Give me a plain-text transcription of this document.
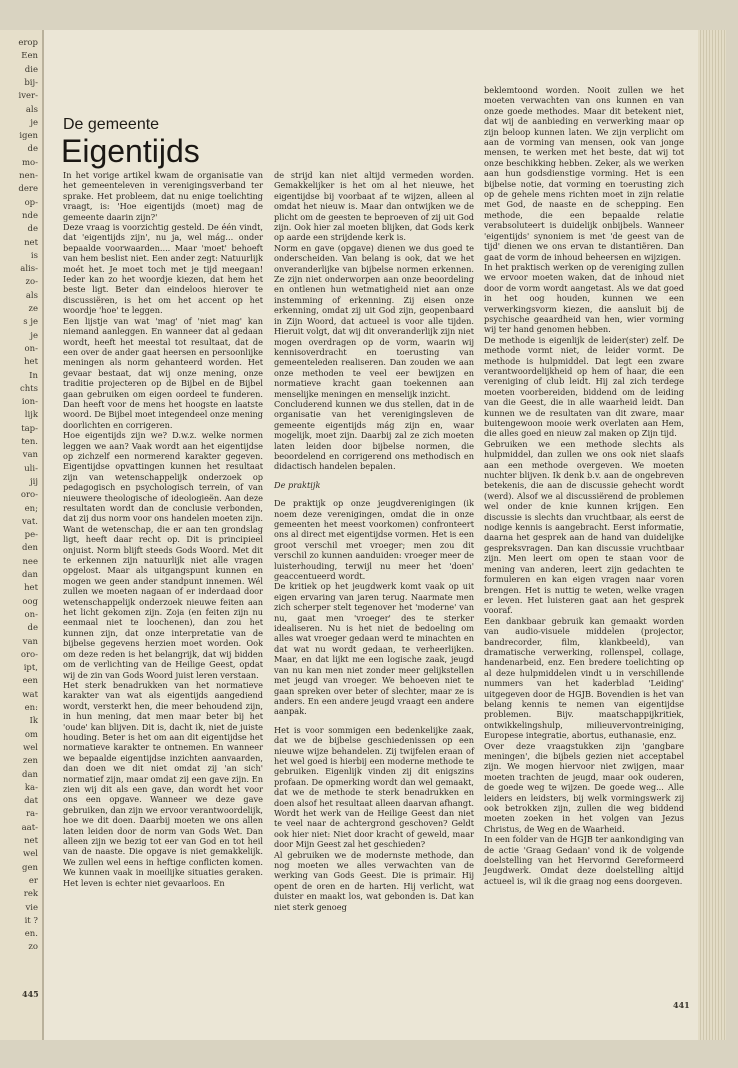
erop
Een
die
bij-
iver-
als
je
igen
de
mo-
nen-
dere
op-
nde
de
net
is
alis-
zo-
als
ze
s je
je
on-
het
In
chts
ion-
lijk
tap-
ten.
van
uli-
jij
oro-
en;
vat.
pe-
den
nee
dan
het
oog
on-
de
van
oro-
ipt,
een
wat
en:
Ik
om
wel
zen
dan
ka-
dat
ra-
aat-
net
wel
gen
er
rek
vie
it ?
en.
zo
445
De gemeente
Eigentijds

In het vorige artikel kwam de organisatie van het gemeenteleven in verenigingsverband ter sprake. Het probleem, dat nu enige toelichting vraagt, is: 'Hoe eigentijds (moet) mag de gemeente daarin zijn?'

Deze vraag is voorzichtig gesteld. De één vindt, dat 'eigentijds zijn', nu ja, wel mág... onder bepaalde voorwaarden.... Maar 'moet' behoeft van hem beslist niet. Een ander zegt: Natuurlijk moét het. Je moet toch met je tijd meegaan! Ieder kan zo het woordje kiezen, dat hem het beste ligt. Beter dan eindeloos hierover te discussiëren, is het om het accent op het woordje 'hoe' te leggen.

Een lijstje van wat 'mag' of 'niet mag' kan niemand aanleggen. En wanneer dat al gedaan wordt, heeft het meestal tot resultaat, dat de een over de ander gaat heersen en persoonlijke meningen als norm gehanteerd worden. Het gevaar bestaat, dat wij onze mening, onze traditie projecteren op de Bijbel en de Bijbel gaan gebruiken om eigen oordeel te funderen. Dan heeft voor de mens het hoogste en laatste woord. De Bijbel moet integendeel onze mening doorlichten en corrigeren.

Hoe eigentijds zijn we? D.w.z. welke normen leggen we aan? Vaak wordt aan het eigentijdse op zichzelf een normerend karakter gegeven. Eigentijdse opvattingen kunnen het resultaat zijn van wetenschappelijk onderzoek op pedagogisch en psychologisch terrein, of van nieuwere theologische of ideologieën. Aan deze resultaten wordt dan de conclusie verbonden, dat zij dus norm voor ons handelen moeten zijn. Want de wetenschap, die er aan ten grondslag ligt, heeft daar recht op. Dit is principieel onjuist. Norm blijft steeds Gods Woord. Met dit te erkennen zijn natuurlijk niet alle vragen opgelost. Maar als uitgangspunt kunnen en mogen we geen ander standpunt innemen. Wél zullen we moeten nagaan of er inderdaad door wetenschappelijk onderzoek nieuwe feiten aan het licht gekomen zijn. Zoja (en feiten zijn nu eenmaal niet te loochenen), dan zou het kunnen zijn, dat onze interpretatie van de bijbelse gegevens herzien moet worden. Ook om deze reden is het belangrijk, dat wij bidden om de verlichting van de Heilige Geest, opdat wij de zin van Gods Woord juist leren verstaan.

Het sterk benadrukken van het normatieve karakter van wat als eigentijds aangediend wordt, versterkt hen, die meer behoudend zijn, in hun mening, dat men maar beter bij het 'oude' kan blijven. Dit is, dacht ik, niet de juiste houding. Beter is het om aan dit eigentijdse het normatieve karakter te ontnemen. En wanneer we bepaalde eigentijdse inzichten aanvaarden, dan doen we dit niet omdat zij 'an sich' normatief zijn, maar omdat zij een gave zijn. En zien wij dit als een gave, dan wordt het voor ons een opgave. Wanneer we deze gave gebruiken, dan zijn we ervoor verantwoordelijk, hoe we dit doen. Daarbij moeten we ons allen laten leiden door de norm van Gods Wet. Dan alleen zijn we bezig tot eer van God en tot heil van de naaste. Die opgave is niet gemakkelijk. We zullen wel eens in heftige conflicten komen. We kunnen vaak in moeilijke situaties geraken. Het leven is echter niet gevaarloos. En

de strijd kan niet altijd vermeden worden. Gemakkelijker is het om al het nieuwe, het eigentijdse bij voorbaat af te wijzen, alleen al omdat het nieuw is. Maar dan ontwijken we de plicht om de geesten te beproeven of zij uit God zijn. Ook hier zal moeten blijken, dat Gods kerk op aarde een strijdende kerk is.

Norm en gave (opgave) dienen we dus goed te onderscheiden. Van belang is ook, dat we het onveranderlijke van bijbelse normen erkennen. Ze zijn niet onderworpen aan onze beoordeling en ontlenen hun wetmatigheid niet aan onze instemming of erkenning. Zij eisen onze erkenning, omdat zij uit God zijn, geopenbaard in Zijn Woord, dat actueel is voor alle tijden. Hieruit volgt, dat wij dit onveranderlijk zijn niet mogen overdragen op de vorm, waarin wij kennisoverdracht en toerusting van gemeenteleden realiseren. Dan zouden we aan onze methoden te veel eer bewijzen en normatieve kracht gaan toekennen aan menselijke meningen en menselijk inzicht.

Concluderend kunnen we dus stellen, dat in de organisatie van het verenigingsleven de gemeente eigentijds mág zijn en, waar mogelijk, moet zijn. Daarbij zal ze zich moeten laten leiden door bijbelse normen, die beoordelend en corrigerend ons methodisch en didactisch handelen bepalen.

De praktijk

De praktijk op onze jeugdverenigingen (ik noem deze verenigingen, omdat die in onze gemeenten het meest voorkomen) confronteert ons al direct met eigentijdse vormen. Het is een groot verschil met vroeger; men zou dit verschil zo kunnen aanduiden: vroeger meer de luisterhouding, terwijl nu meer het 'doen' geaccentueerd wordt.

De kritiek op het jeugdwerk komt vaak op uit eigen ervaring van jaren terug. Naarmate men zich scherper stelt tegenover het 'moderne' van nu, gaat men 'vroeger' des te sterker idealiseren. Nu is het niet de bedoeling om alles wat vroeger gedaan werd te minachten en dat wat nu wordt gedaan, te verheerlijken. Maar, en dat lijkt me een logische zaak, jeugd van nu kan men niet zonder meer gelijkstellen met jeugd van vroeger. We behoeven niet te gaan spreken over beter of slechter, maar ze is anders. En een andere jeugd vraagt een andere aanpak.

Het is voor sommigen een bedenkelijke zaak, dat we de bijbelse geschiedenissen op een nieuwe wijze behandelen. Zij twijfelen eraan of het wel goed is hierbij een moderne methode te gebruiken. Eigenlijk vinden zij dit enigszins profaan. De opmerking wordt dan wel gemaakt, dat we de methode te sterk benadrukken en doen alsof het resultaat alleen daarvan afhangt. Wordt het werk van de Heilige Geest dan niet te veel naar de achtergrond geschoven? Geldt ook hier niet: Niet door kracht of geweld, maar door Mijn Geest zal het geschieden?

Al gebruiken we de modernste methode, dan nog moeten we alles verwachten van de werking van Gods Geest. Die is primair. Hij opent de oren en de harten. Hij verlicht, wat duister en maakt los, wat gebonden is. Dat kan niet sterk genoeg

beklemtoond worden. Nooit zullen we het moeten verwachten van ons kunnen en van onze goede methodes. Maar dit betekent niet, dat wij de aanbieding en verwerking maar op zijn beloop kunnen laten. We zijn verplicht om aan de vorming van mensen, ook van jonge mensen, te werken met het beste, dat wij tot onze beschikking hebben. Zeker, als we werken aan hun godsdienstige vorming. Het is een bijbelse notie, dat vorming en toerusting zich op de gehele mens richten moet in zijn relatie met God, de naaste en de schepping. Een methode, die een bepaalde relatie verabsoluteert is duidelijk onbijbels. Wanneer 'eigentijds' synoniem is met 'de geest van de tijd' dienen we ons ervan te distantiëren. Dan gaat de vorm de inhoud beheersen en wijzigen.

In het praktisch werken op de vereniging zullen we ervoor moeten waken, dat de inhoud niet door de vorm wordt aangetast. Als we dat goed in het oog houden, kunnen we een verwerkingsvorm kiezen, die aansluit bij de psychische geaardheid van hen, wier vorming wij ter hand genomen hebben.

De methode is eigenlijk de leider(ster) zelf. De methode vormt niet, de leider vormt. De methode is hulpmiddel. Dat legt een zware verantwoordelijkheid op hem of haar, die een vereniging of club leidt. Hij zal zich terdege moeten voorbereiden, biddend om de leiding van die Geest, die in alle waarheid leidt. Dan kunnen we de resultaten van dit zware, maar buitengewoon mooie werk overlaten aan Hem, die alles goed en nieuw zal maken op Zijn tijd.

Gebruiken we een methode slechts als hulpmiddel, dan zullen we ons ook niet slaafs aan een methode overgeven. We moeten nuchter blijven. Ik denk b.v. aan de ongebreven betekenis, die aan de discussie gehecht wordt (werd). Alsof we al discussiërend de problemen wel onder de knie kunnen krijgen. Een discussie is slechts dan vruchtbaar, als eerst de nodige kennis is aangebracht. Eerst informatie, daarna het gesprek aan de hand van duidelijke gespreksvragen. Dan kan discussie vruchtbaar zijn. Men leert om open te staan voor de mening van anderen, leert zijn gedachten te formuleren en kan eigen vragen naar voren brengen. Het is nuttig te weten, welke vragen er leven. Het luisteren gaat aan het gesprek vooraf.

Een dankbaar gebruik kan gemaakt worden van audio-visuele middelen (projector, bandrecorder, film, klankbeeld), van dramatische verwerking, rollenspel, collage, handenarbeid, enz. Een bredere toelichting op al deze hulpmiddelen vindt u in verschillende nummers van het kaderblad 'Leiding' uitgegeven door de HGJB. Bovendien is het van belang kennis te nemen van eigentijdse problemen. Bijv. maatschappijkritiek, ontwikkelingshulp, milieuvervontreiniging, Europese integratie, abortus, euthanasie, enz.

Over deze vraagstukken zijn 'gangbare meningen', die bijbels gezien niet acceptabel zijn. We mogen hiervoor niet zwijgen, maar moeten trachten de jeugd, maar ook ouderen, de goede weg te wijzen. De goede weg... Alle leiders en leidsters, bij welk vormingswerk zij ook betrokken zijn, zullen die weg biddend moeten zoeken in het volgen van Jezus Christus, de Weg en de Waarheid.

In een folder van de HGJB ter aankondiging van de actie 'Graag Gedaan' vond ik de volgende doelstelling van het Hervormd Gereformeerd Jeugdwerk. Omdat deze doelstelling altijd actueel is, wil ik die graag nog eens doorgeven.

441
